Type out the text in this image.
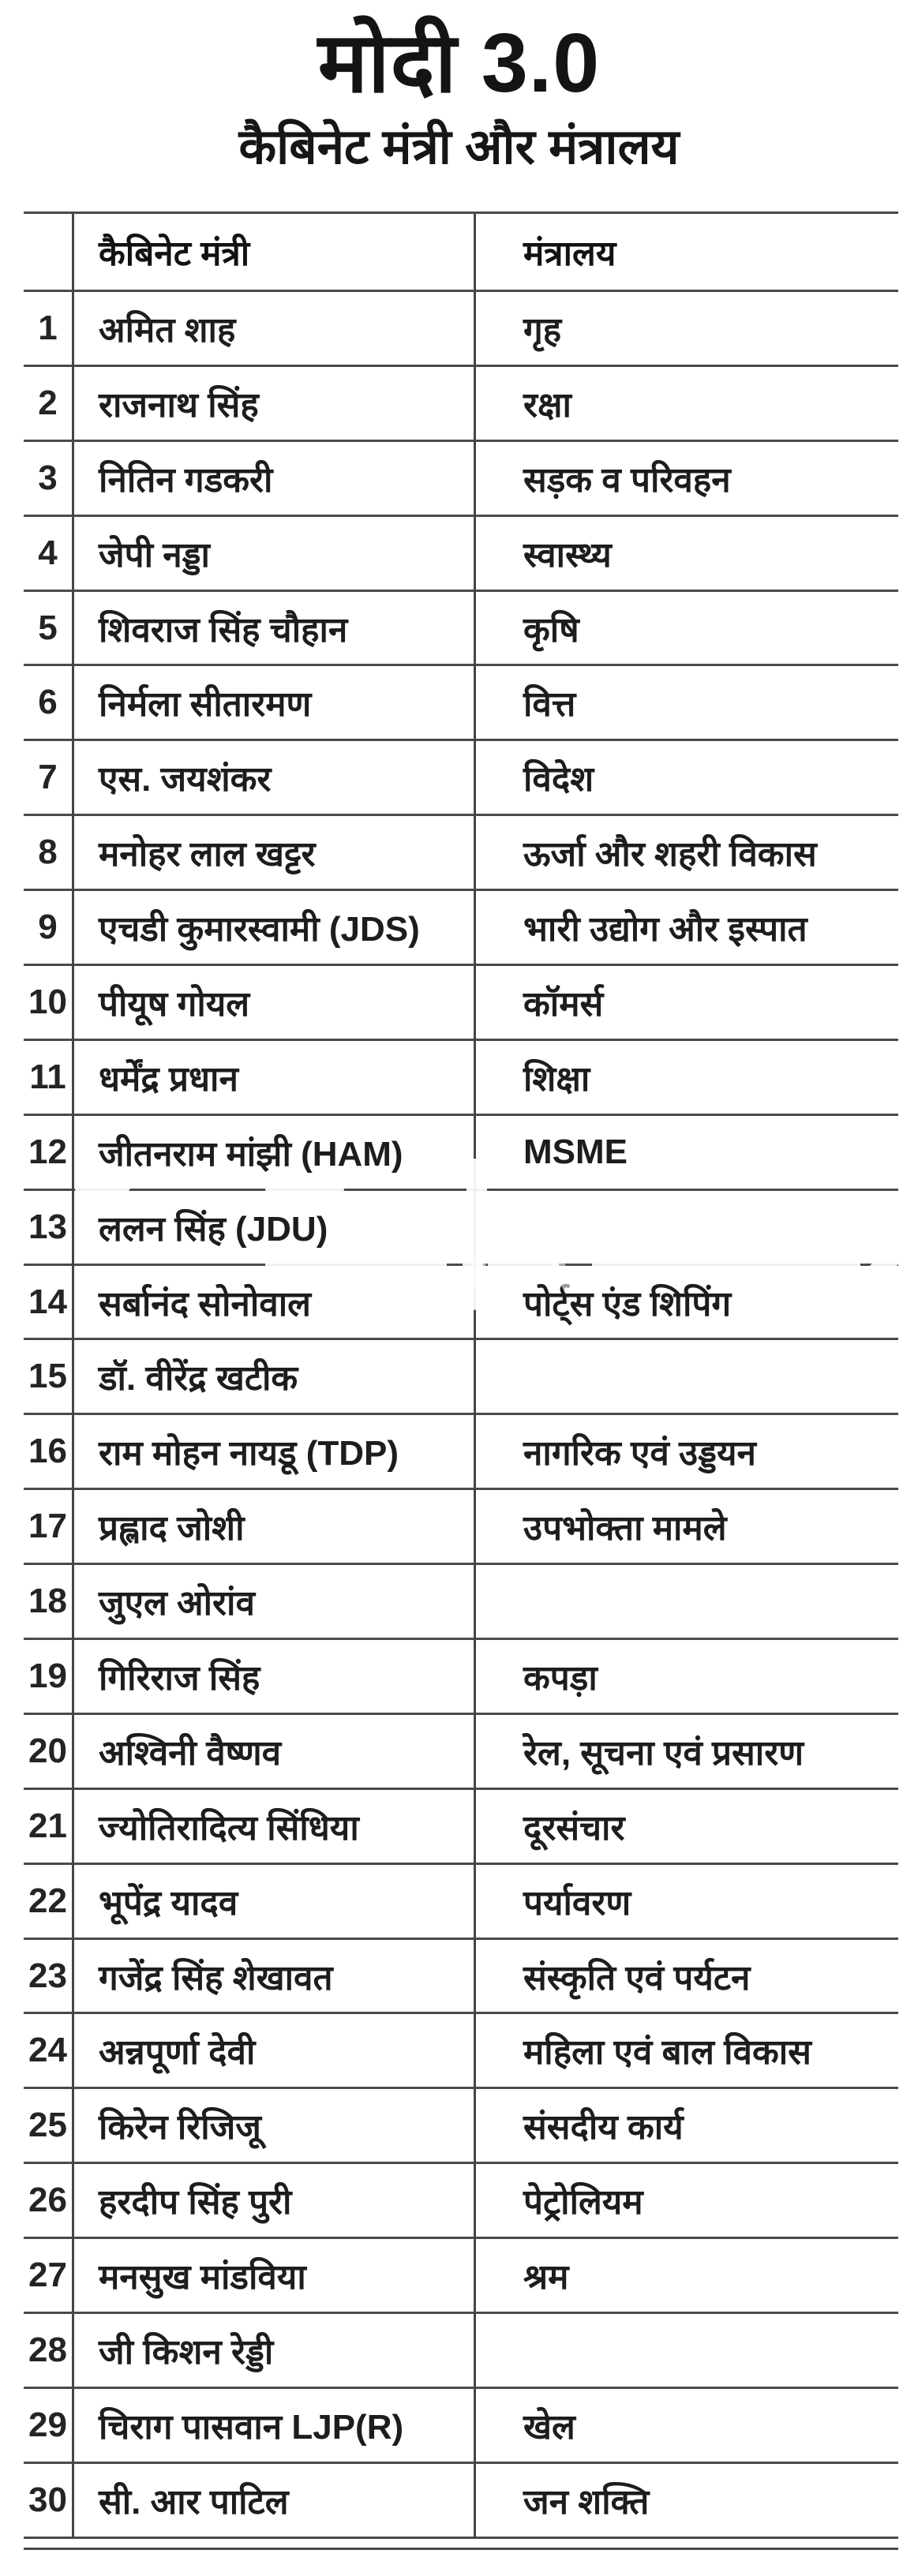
मोदी 3.0
कैबिनेट मंत्री और मंत्रालय
कैबिनेट मंत्री	मंत्रालय
1	अमित शाह	गृह
2	राजनाथ सिंह	रक्षा
3	नितिन गडकरी	सड़क व परिवहन
4	जेपी नड्डा	स्वास्थ्य
5	शिवराज सिंह चौहान	कृषि
6	निर्मला सीतारमण	वित्त
7	एस. जयशंकर	विदेश
8	मनोहर लाल खट्टर	ऊर्जा और शहरी विकास
9	एचडी कुमारस्वामी (JDS)	भारी उद्योग और इस्पात
10 पीयूष गोयल	कॉमर्स
11 धर्मेंद्र प्रधान	शिक्षा
12 जीतनराम मांझी (HAM)	MSME
13 ललन सिंह (JDU)
14 सर्बानंद सोनोवाल	पोर्ट्स एंड शिपिंग
15 डॉ. वीरेंद्र खटीक
16 राम मोहन नायडू (TDP)	नागरिक एवं उड्डयन
17 प्रह्लाद जोशी	उपभोक्ता मामले
18 जुएल ओरांव
19 गिरिराज सिंह	कपड़ा
20 अश्विनी वैष्णव	रेल, सूचना एवं प्रसारण
21 ज्योतिरादित्य सिंधिया	दूरसंचार
22 भूपेंद्र यादव	पर्यावरण
23 गजेंद्र सिंह शेखावत	संस्कृति एवं पर्यटन
24 अन्नपूर्णा देवी	महिला एवं बाल विकास
25 किरेन रिजिजू	संसदीय कार्य
26 हरदीप सिंह पुरी	पेट्रोलियम
27 मनसुख मांडविया	श्रम
28 जी किशन रेड्डी
29 चिराग पासवान LJP(R)	खेल
30 सी. आर पाटिल	जन शक्ति
